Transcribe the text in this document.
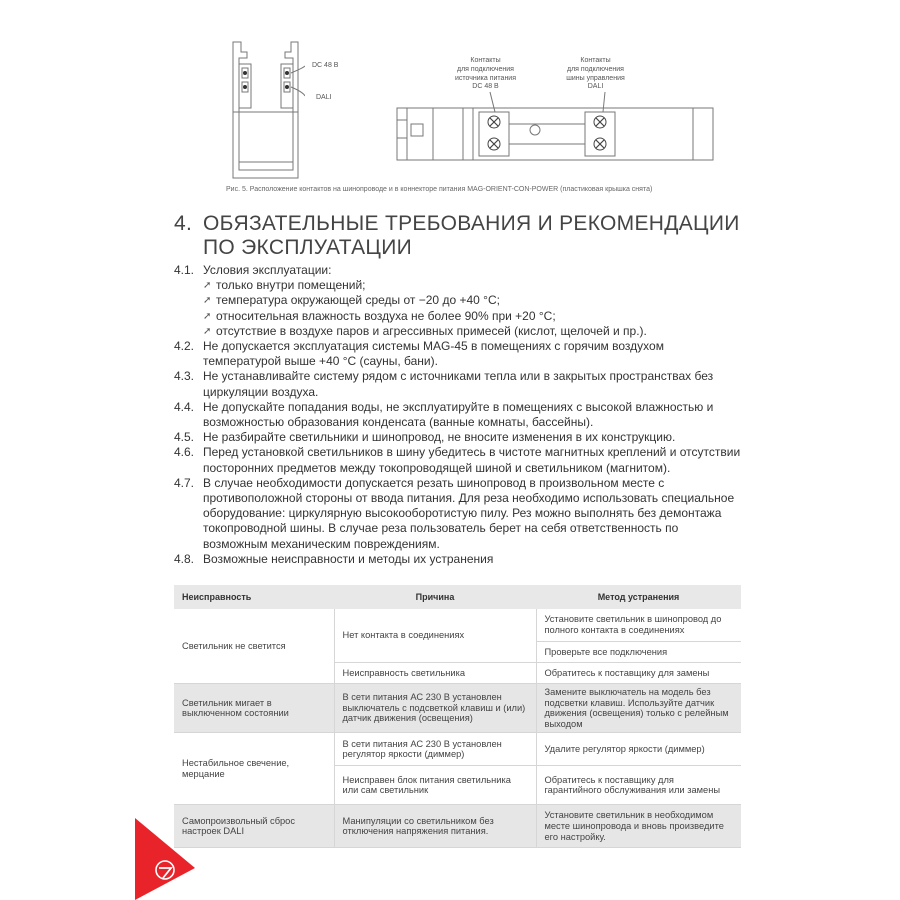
DC 48 В
DALI
Контакты
для подключения
источника питания
DC 48 В
Контакты
для подключения
шины управления
DALI
Рис. 5. Расположение контактов на шинопроводе и в коннекторе питания MAG-ORIENT-CON-POWER (пластиковая крышка снята)
4. ОБЯЗАТЕЛЬНЫЕ ТРЕБОВАНИЯ И РЕКОМЕНДАЦИИ
ПО ЭКСПЛУАТАЦИИ
4.1. Условия эксплуатации:
➚ только внутри помещений;
➚ температура окружающей среды от −20 до +40 °С;
➚ относительная влажность воздуха не более 90% при +20 °С;
➚ отсутствие в воздухе паров и агрессивных примесей (кислот, щелочей и пр.).
4.2. Не допускается эксплуатация системы MAG-45 в помещениях с горячим воздухом температурой выше +40 °С (сауны, бани).
4.3. Не устанавливайте систему рядом с источниками тепла или в закрытых пространствах без циркуляции воздуха.
4.4. Не допускайте попадания воды, не эксплуатируйте в помещениях с высокой влажностью и возможностью образования конденсата (ванные комнаты, бассейны).
4.5. Не разбирайте светильники и шинопровод, не вносите изменения в их конструкцию.
4.6. Перед установкой светильников в шину убедитесь в чистоте магнитных креплений и отсутствии посторонних предметов между токопроводящей шиной и светильником (магнитом).
4.7. В случае необходимости допускается резать шинопровод в произвольном месте с противоположной стороны от ввода питания. Для реза необходимо использовать специальное оборудование: циркулярную высокооборотистую пилу. Рез можно выполнять без демонтажа токопроводной шины. В случае реза пользователь берет на себя ответственность по возможным механическим повреждениям.
4.8. Возможные неисправности и методы их устранения
Неисправность	Причина	Метод устранения
Светильник не светится	Нет контакта в соединениях	Установите светильник в шинопровод до полного контакта в соединениях
		Проверьте все подключения
	Неисправность светильника	Обратитесь к поставщику для замены
Светильник мигает в выключенном состоянии	В сети питания АС 230 В установлен выключатель с подсветкой клавиш и (или) датчик движения (освещения)	Замените выключатель на модель без подсветки клавиш. Используйте датчик движения (освещения) только с релейным выходом
Нестабильное свечение, мерцание	В сети питания АС 230 В установлен регулятор яркости (диммер)	Удалите регулятор яркости (диммер)
	Неисправен блок питания светильника или сам светильник	Обратитесь к поставщику для гарантийного обслуживания или замены
Самопроизвольный сброс настроек DALI	Манипуляции со светильником без отключения напряжения питания.	Установите светильник в необходимом месте шинопровода и вновь произведите его настройку.
